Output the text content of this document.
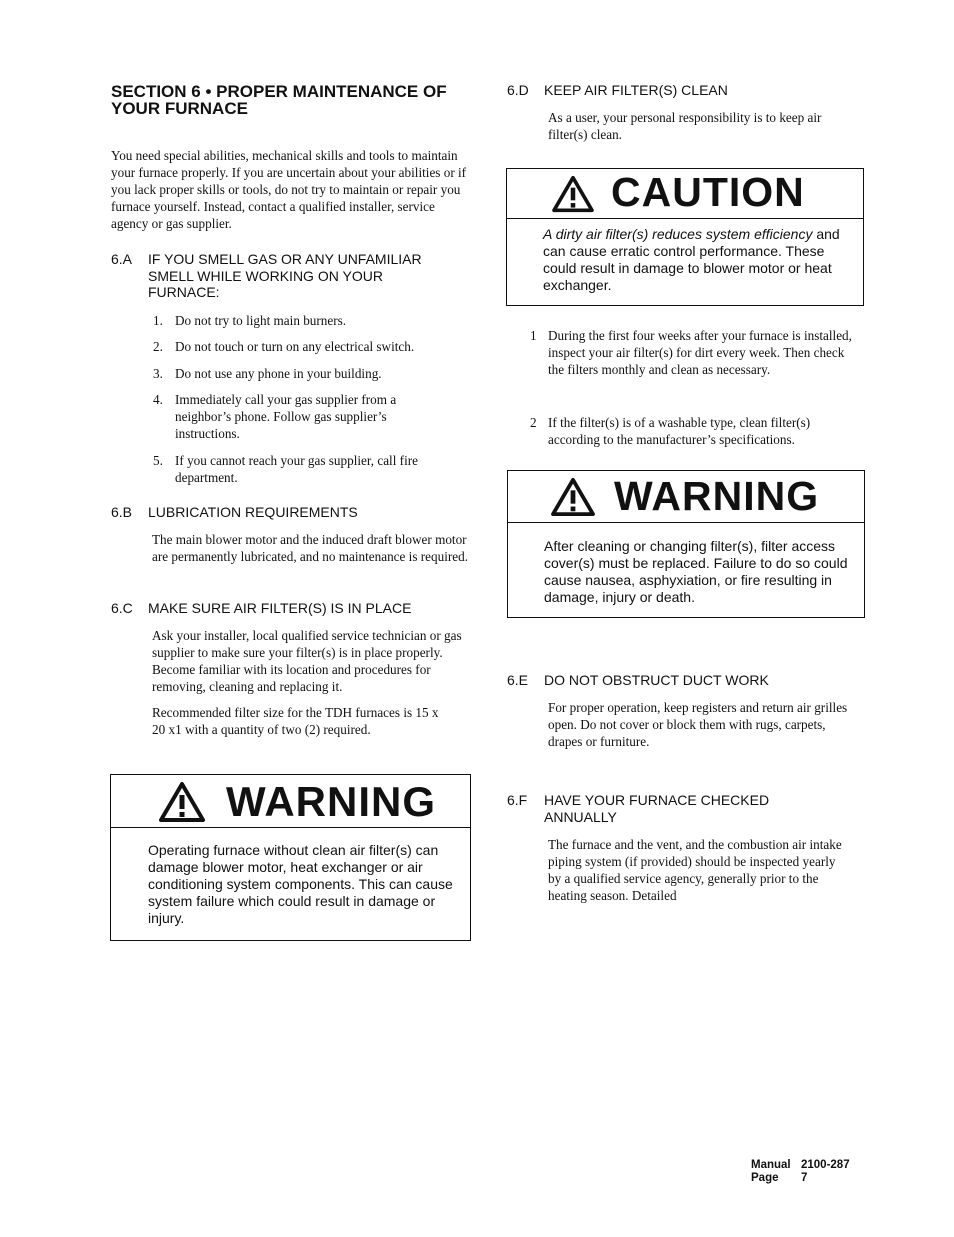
SECTION 6 • PROPER MAINTENANCE OF

YOUR FURNACE

You need special abilities, mechanical skills and tools to maintain your furnace properly. If you are uncertain about your abilities or if you lack proper skills or tools, do not try to maintain or repair you furnace yourself. Instead, contact a qualified installer, service agency or gas supplier.
6.A IF YOU SMELL GAS OR ANY UNFAMILIAR SMELL WHILE WORKING ON YOUR FURNACE:
1. Do not try to light main burners.
2. Do not touch or turn on any electrical switch.
3. Do not use any phone in your building.
4. Immediately call your gas supplier from a neighbor’s phone. Follow gas supplier’s instructions.
5. If you cannot reach your gas supplier, call fire department.
6.B LUBRICATION REQUIREMENTS
The main blower motor and the induced draft blower motor are permanently lubricated, and no maintenance is required.
6.C MAKE SURE AIR FILTER(S) IS IN PLACE
Ask your installer, local qualified service technician or gas supplier to make sure your filter(s) is in place properly. Become familiar with its location and procedures for removing, cleaning and replacing it.
Recommended filter size for the TDH furnaces is 15 x 20 x1 with a quantity of two (2) required.
WARNING
Operating furnace without clean air filter(s) can damage blower motor, heat exchanger or air conditioning system components. This can cause system failure which could result in damage or injury.
6.D KEEP AIR FILTER(S) CLEAN
As a user, your personal responsibility is to keep air filter(s) clean.
CAUTION
A dirty air filter(s) reduces system efficiency and can cause erratic control performance. These could result in damage to blower motor or heat exchanger.
1 During the first four weeks after your furnace is installed, inspect your air filter(s) for dirt every week. Then check the filters monthly and clean as necessary.
2 If the filter(s) is of a washable type, clean filter(s) according to the manufacturer’s specifications.
WARNING
After cleaning or changing filter(s), filter access cover(s) must be replaced. Failure to do so could cause nausea, asphyxiation, or fire resulting in damage, injury or death.
6.E DO NOT OBSTRUCT DUCT WORK
For proper operation, keep registers and return air grilles open. Do not cover or block them with rugs, carpets, drapes or furniture.
6.F HAVE YOUR FURNACE CHECKED ANNUALLY
The furnace and the vent, and the combustion air intake piping system (if provided) should be inspected yearly by a qualified service agency, generally prior to the heating season. Detailed
Manual 2100-287
Page 7
